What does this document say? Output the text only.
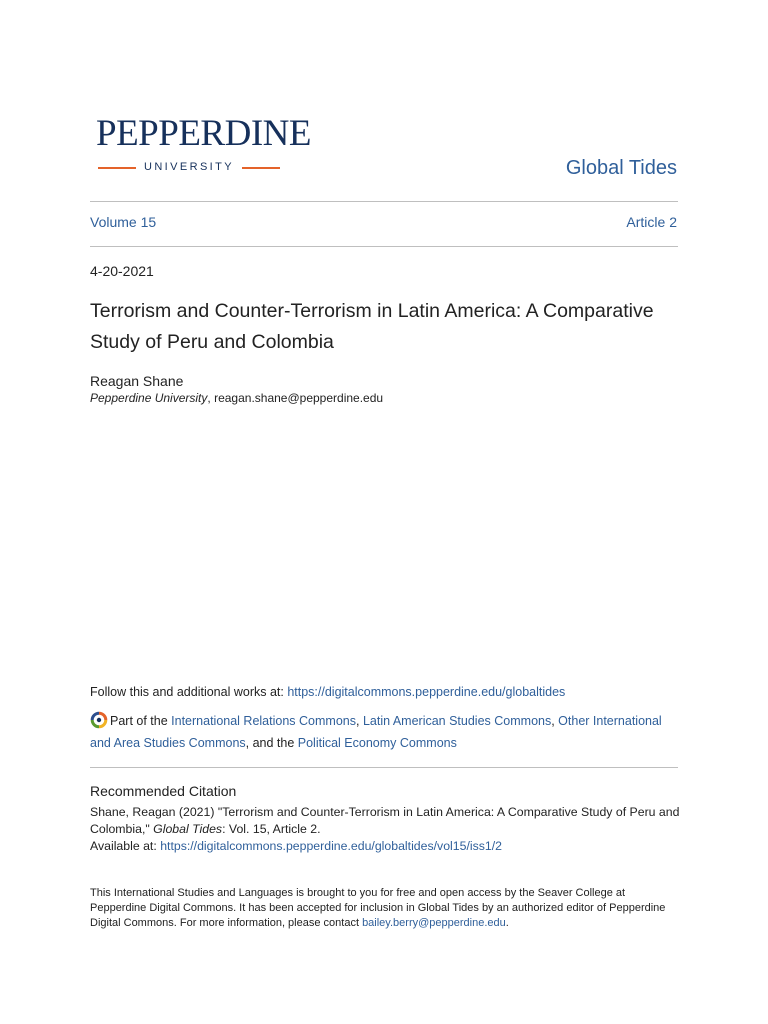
PEPPERDINE
UNIVERSITY	Global Tides
Volume 15	Article 2
4-20-2021
Terrorism and Counter-Terrorism in Latin America: A Comparative Study of Peru and Colombia
Reagan Shane
Pepperdine University, reagan.shane@pepperdine.edu
Follow this and additional works at: https://digitalcommons.pepperdine.edu/globaltides
Part of the International Relations Commons, Latin American Studies Commons, Other International and Area Studies Commons, and the Political Economy Commons
Recommended Citation
Shane, Reagan (2021) "Terrorism and Counter-Terrorism in Latin America: A Comparative Study of Peru and Colombia," Global Tides: Vol. 15, Article 2.
Available at: https://digitalcommons.pepperdine.edu/globaltides/vol15/iss1/2
This International Studies and Languages is brought to you for free and open access by the Seaver College at Pepperdine Digital Commons. It has been accepted for inclusion in Global Tides by an authorized editor of Pepperdine Digital Commons. For more information, please contact bailey.berry@pepperdine.edu.
